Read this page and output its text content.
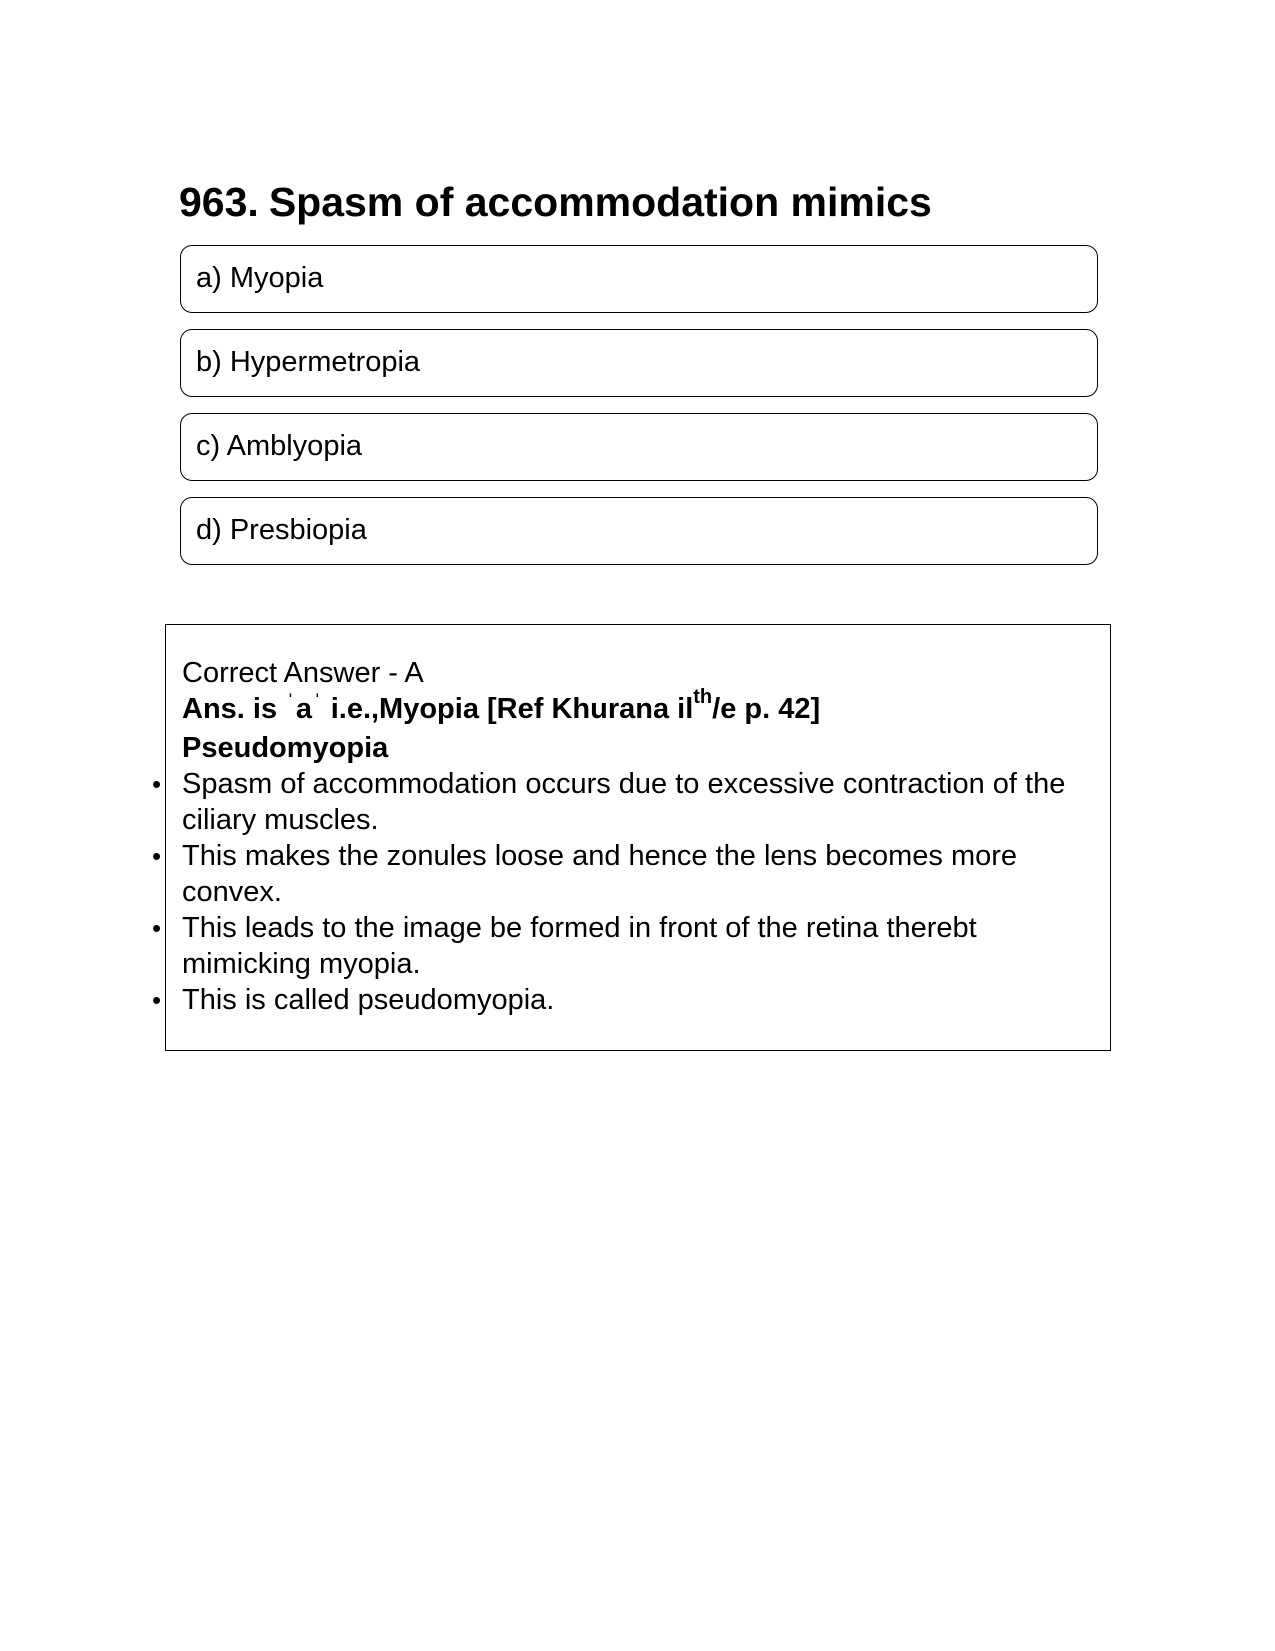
963. Spasm of accommodation mimics
a) Myopia
b) Hypermetropia
c) Amblyopia
d) Presbiopia
Correct Answer - A
Ans. is $^ˈ$a $^ˈ$ i.e.,Myopia [Ref Khurana $il^{th}/e$ p. 42]
Pseudomyopia
• Spasm of accommodation occurs due to excessive contraction of the ciliary muscles.
• This makes the zonules loose and hence the lens becomes more convex.
• This leads to the image be formed in front of the retina therebt mimicking myopia.
• This is called pseudomyopia.
